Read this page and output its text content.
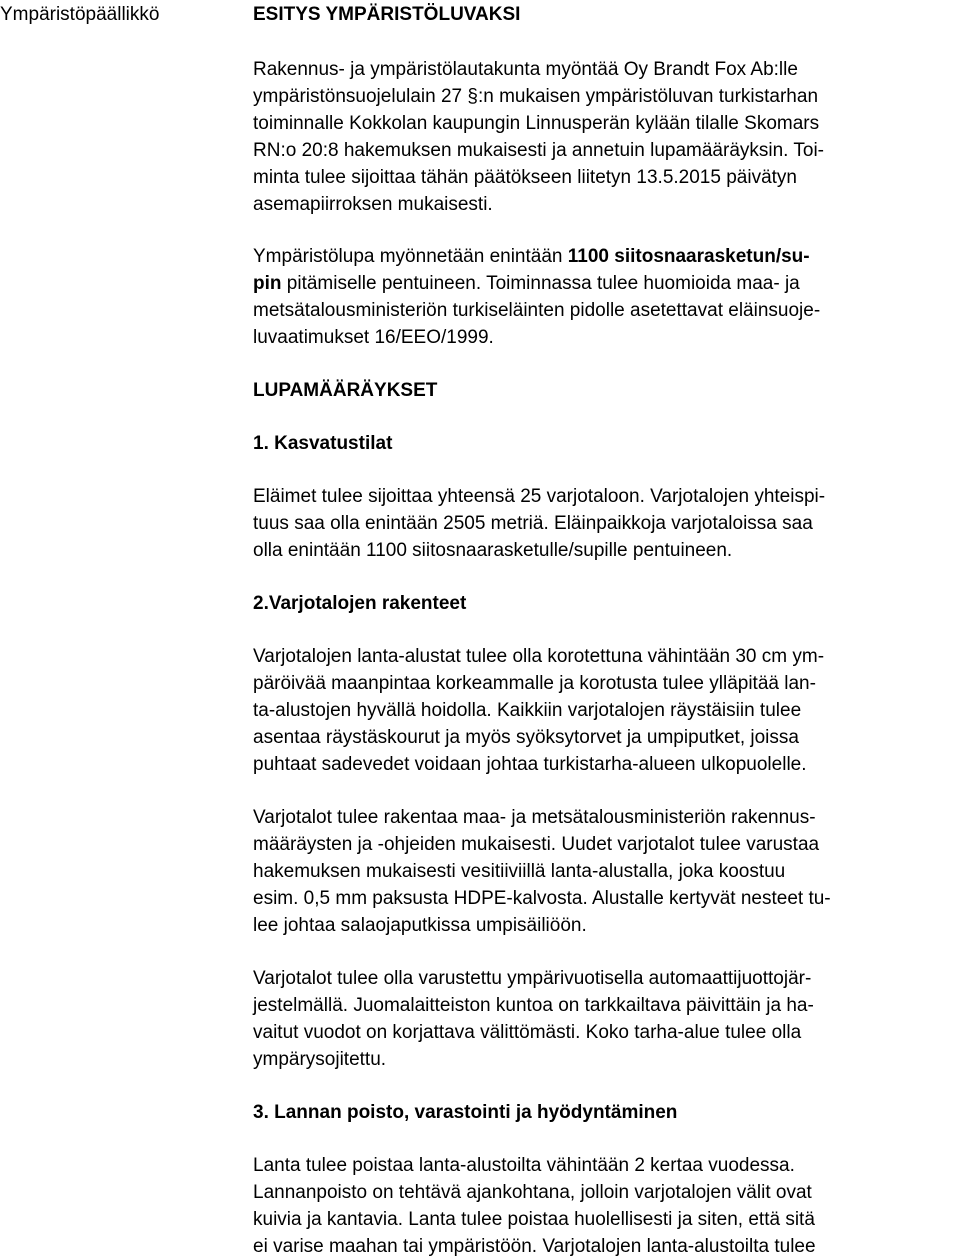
Ympäristöpäällikkö	ESITYS YMPÄRISTÖLUVAKSI

Rakennus- ja ympäristölautakunta myöntää Oy Brandt Fox Ab:lle
ympäristönsuojelulain 27 §:n mukaisen ympäristöluvan turkistarhan
toiminnalle Kokkolan kaupungin Linnusperän kylään tilalle Skomars
RN:o 20:8 hakemuksen mukaisesti ja annetuin lupamääräyksin. Toi-
minta tulee sijoittaa tähän päätökseen liitetyn 13.5.2015 päivätyn
asemapiirroksen mukaisesti.

Ympäristölupa myönnetään enintään 1100 siitosnaarasketun/su-
pin pitämiselle pentuineen. Toiminnassa tulee huomioida maa- ja
metsätalousministeriön turkiseläinten pidolle asetettavat eläinsuoje-
luvaatimukset 16/EEO/1999.

LUPAMÄÄRÄYKSET

1. Kasvatustilat

Eläimet tulee sijoittaa yhteensä 25 varjotaloon. Varjotalojen yhteispi-
tuus saa olla enintään 2505 metriä. Eläinpaikkoja varjotaloissa saa
olla enintään 1100 siitosnaarasketulle/supille pentuineen.

2.Varjotalojen rakenteet

Varjotalojen lanta-alustat tulee olla korotettuna vähintään 30 cm ym-
päröivää maanpintaa korkeammalle ja korotusta tulee ylläpitää lan-
ta-alustojen hyvällä hoidolla. Kaikkiin varjotalojen räystäisiin tulee
asentaa räystäskourut ja myös syöksytorvet ja umpiputket, joissa
puhtaat sadevedet voidaan johtaa turkistarha-alueen ulkopuolelle.

Varjotalot tulee rakentaa maa- ja metsätalousministeriön rakennus-
määräysten ja -ohjeiden mukaisesti. Uudet varjotalot tulee varustaa
hakemuksen mukaisesti vesitiiviillä lanta-alustalla, joka koostuu
esim. 0,5 mm paksusta HDPE-kalvosta. Alustalle kertyvät nesteet tu-
lee johtaa salaojaputkissa umpisäiliöön.

Varjotalot tulee olla varustettu ympärivuotisella automaattijuottojär-
jestelmällä. Juomalaitteiston kuntoa on tarkkailtava päivittäin ja ha-
vaitut vuodot on korjattava välittömästi. Koko tarha-alue tulee olla
ympärysojitettu.

3. Lannan poisto, varastointi ja hyödyntäminen

Lanta tulee poistaa lanta-alustoilta vähintään 2 kertaa vuodessa.
Lannanpoisto on tehtävä ajankohtana, jolloin varjotalojen välit ovat
kuivia ja kantavia. Lanta tulee poistaa huolellisesti ja siten, että sitä
ei varise maahan tai ympäristöön. Varjotalojen lanta-alustoilta tulee
